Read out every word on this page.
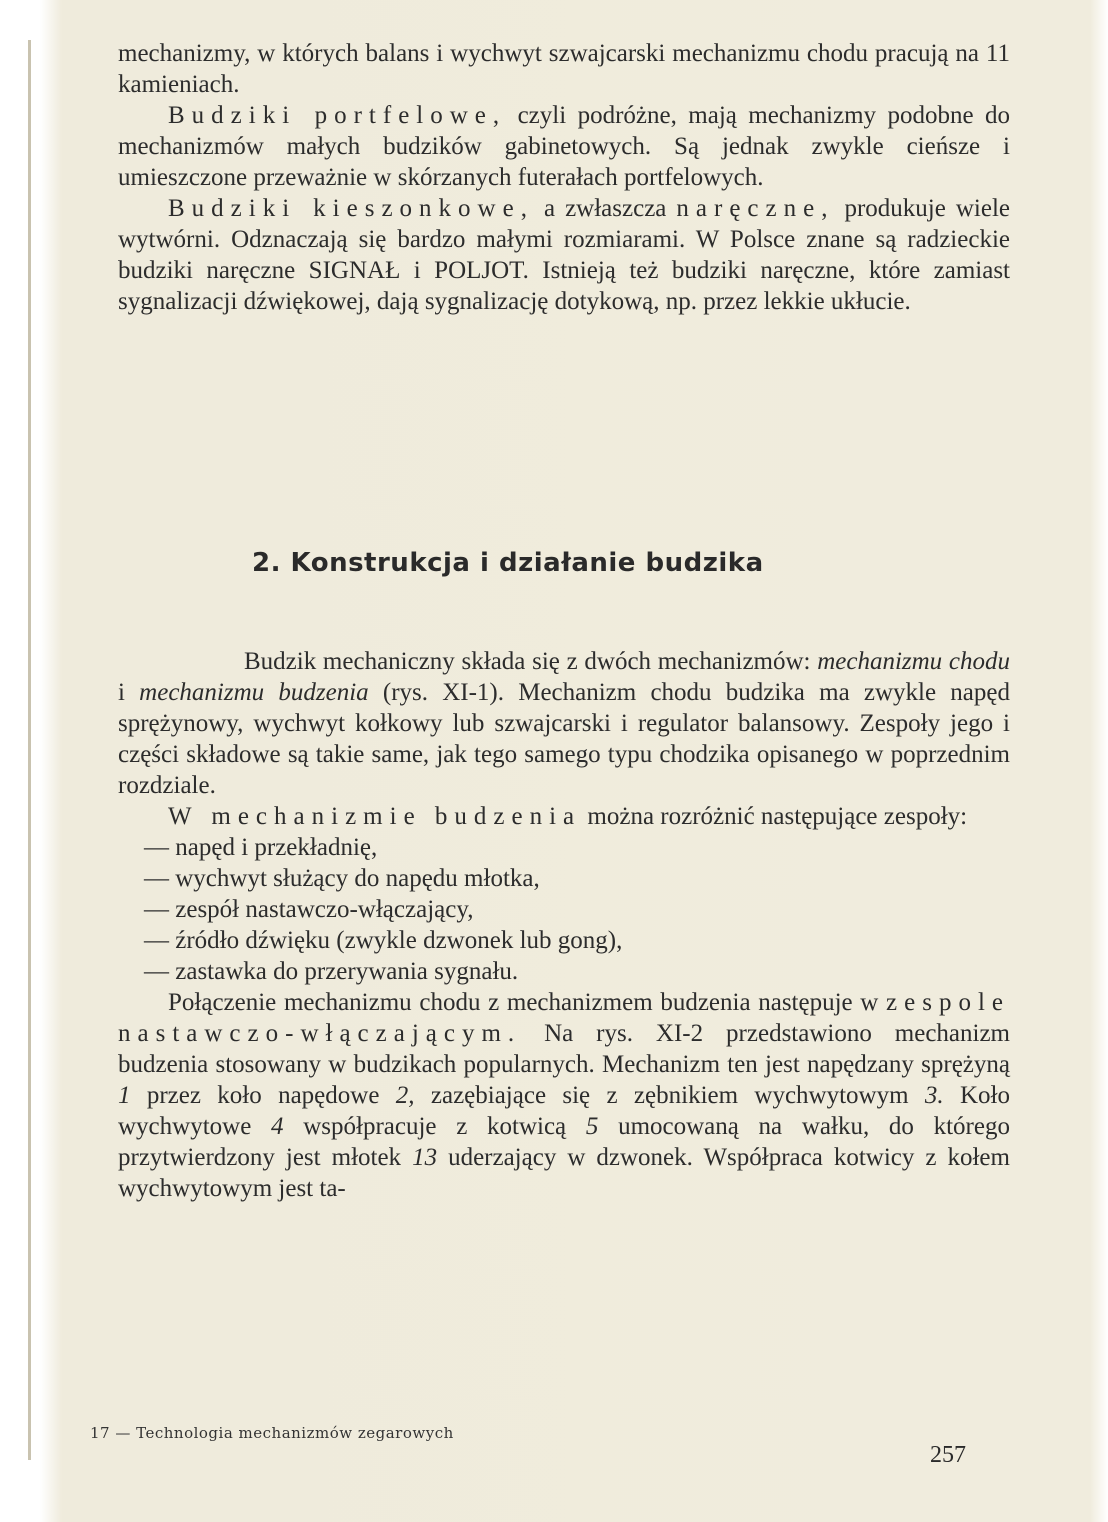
mechanizmy, w których balans i wychwyt szwajcarski mechanizmu chodu pracują na 11 kamieniach.

Budziki portfelowe, czyli podróżne, mają mechanizmy podobne do mechanizmów małych budzików gabinetowych. Są jednak zwykle cieńsze i umieszczone przeważnie w skórzanych futerałach portfelowych.

Budziki kieszonkowe, a zwłaszcza naręczne, produkuje wiele wytwórni. Odznaczają się bardzo małymi rozmiarami. W Polsce znane są radzieckie budziki naręczne SIGNAŁ i POLJOT. Istnieją też budziki naręczne, które zamiast sygnalizacji dźwiękowej, dają sygnalizację dotykową, np. przez lekkie ukłucie.

2. Konstrukcja i działanie budzika

Budzik mechaniczny składa się z dwóch mechanizmów: mechanizmu chodu i mechanizmu budzenia (rys. XI-1). Mechanizm chodu budzika ma zwykle napęd sprężynowy, wychwyt kołkowy lub szwajcarski i regulator balansowy. Zespoły jego i części składowe są takie same, jak tego samego typu chodzika opisanego w poprzednim rozdziale.

W mechanizmie budzenia można rozróżnić następujące zespoły:

— napęd i przekładnię,
— wychwyt służący do napędu młotka,
— zespół nastawczo-włączający,
— źródło dźwięku (zwykle dzwonek lub gong),
— zastawka do przerywania sygnału.

Połączenie mechanizmu chodu z mechanizmem budzenia następuje w zespole nastawczo-włączającym. Na rys. XI-2 przedstawiono mechanizm budzenia stosowany w budzikach popularnych. Mechanizm ten jest napędzany sprężyną 1 przez koło napędowe 2, zazębiające się z zębnikiem wychwytowym 3. Koło wychwytowe 4 współpracuje z kotwicą 5 umocowaną na wałku, do którego przytwierdzony jest młotek 13 uderzający w dzwonek. Współpraca kotwicy z kołem wychwytowym jest ta-

17 — Technologia mechanizmów zegarowych
257
